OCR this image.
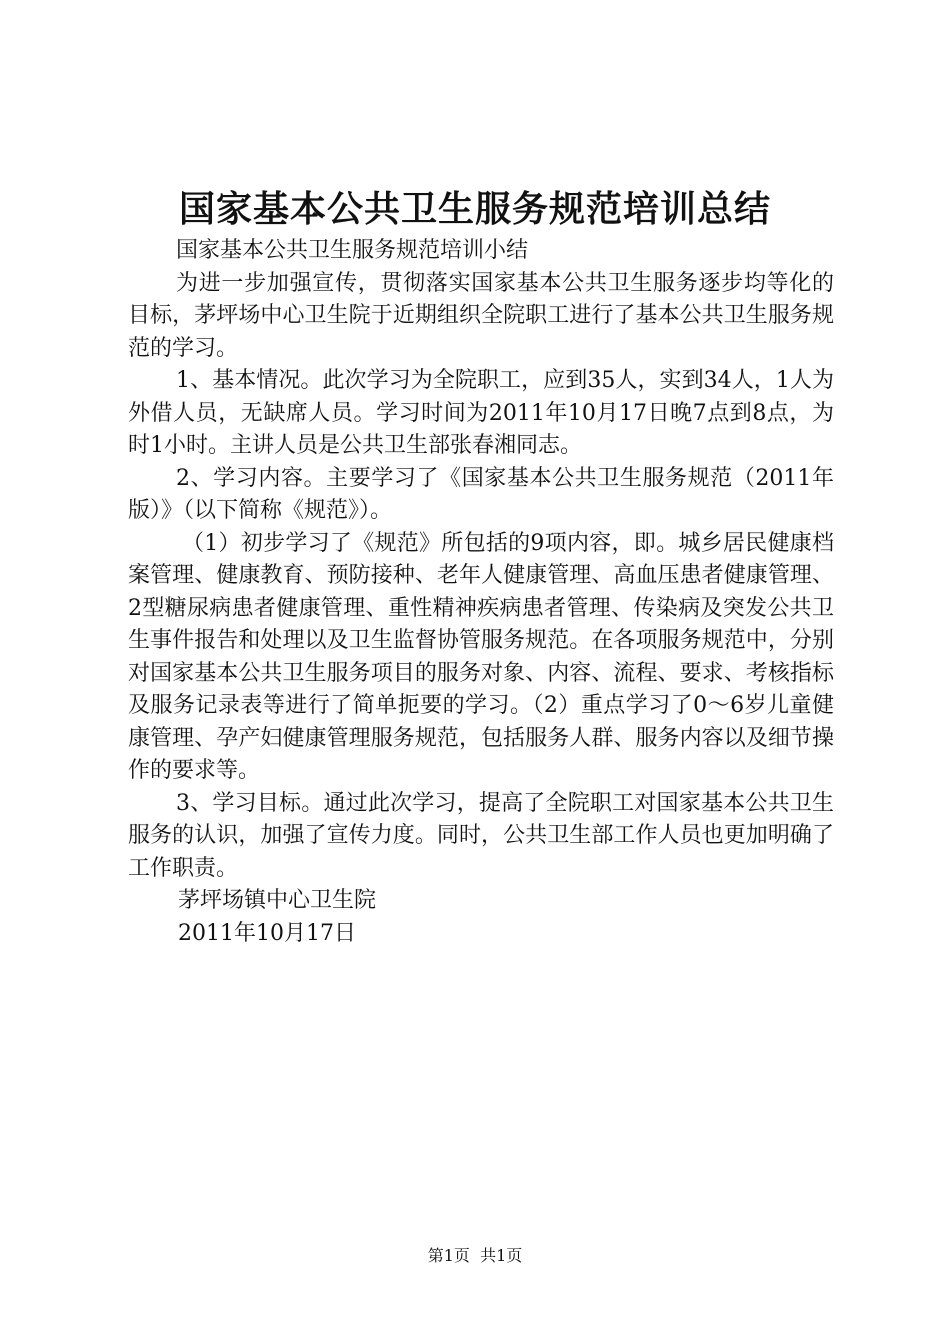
国家基本公共卫生服务规范培训总结

国家基本公共卫生服务规范培训小结

为进一步加强宣传，贯彻落实国家基本公共卫生服务逐步均等化的目标，茅坪场中心卫生院于近期组织全院职工进行了基本公共卫生服务规范的学习。

1、基本情况。此次学习为全院职工，应到35人，实到34人，1人为外借人员，无缺席人员。学习时间为2011年10月17日晚7点到8点，为时1小时。主讲人员是公共卫生部张春湘同志。

2、学习内容。主要学习了《国家基本公共卫生服务规范（2011年版）》（以下简称《规范》）。

（1）初步学习了《规范》所包括的9项内容，即。城乡居民健康档案管理、健康教育、预防接种、老年人健康管理、高血压患者健康管理、2型糖尿病患者健康管理、重性精神疾病患者管理、传染病及突发公共卫生事件报告和处理以及卫生监督协管服务规范。在各项服务规范中，分别对国家基本公共卫生服务项目的服务对象、内容、流程、要求、考核指标及服务记录表等进行了简单扼要的学习。（2）重点学习了0～6岁儿童健康管理、孕产妇健康管理服务规范，包括服务人群、服务内容以及细节操作的要求等。

3、学习目标。通过此次学习，提高了全院职工对国家基本公共卫生服务的认识，加强了宣传力度。同时，公共卫生部工作人员也更加明确了工作职责。

茅坪场镇中心卫生院

2011年10月17日

第1页 共1页
